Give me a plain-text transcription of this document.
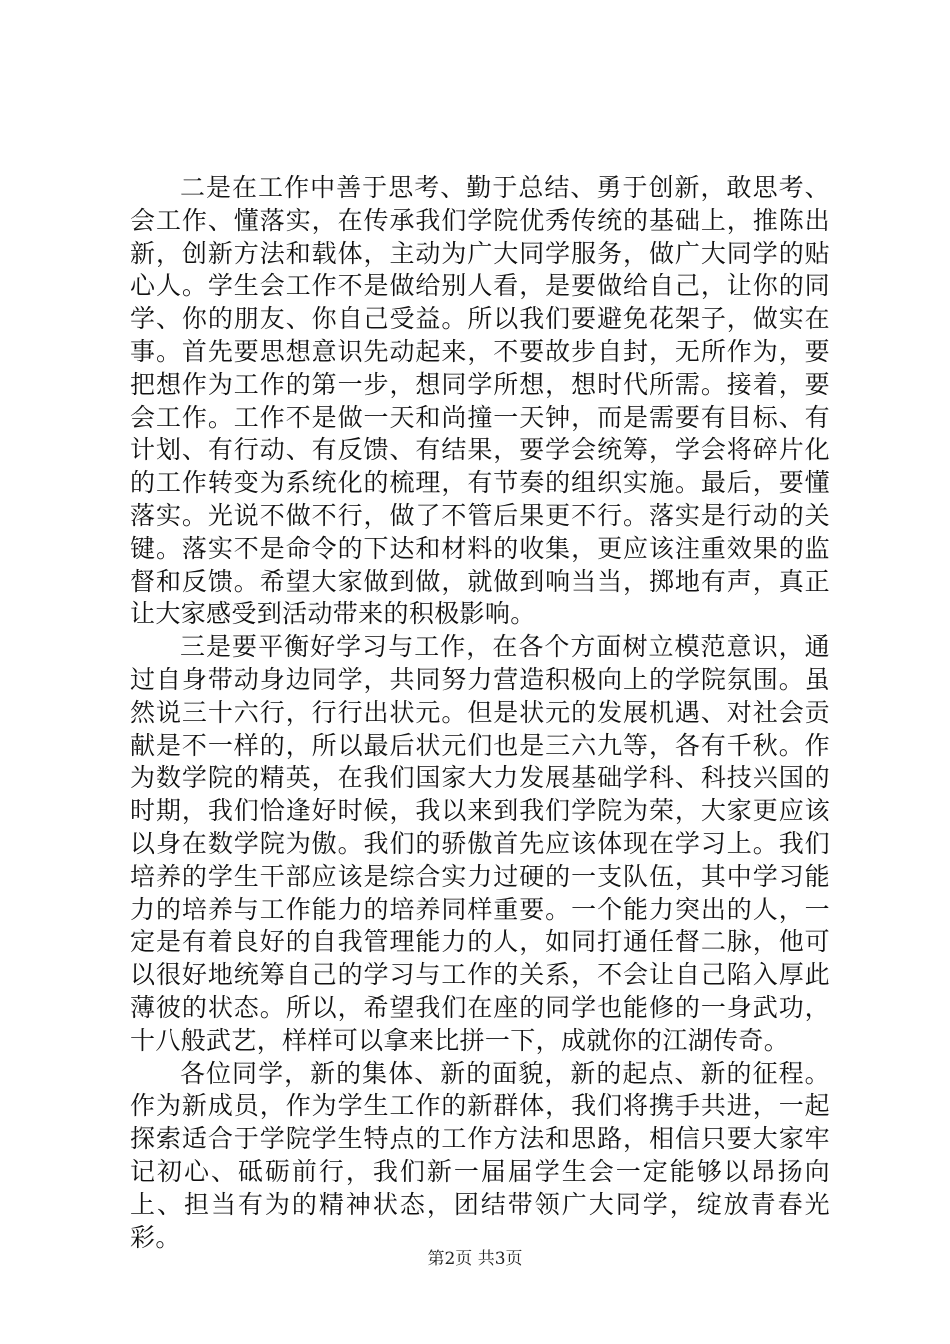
二是在工作中善于思考、勤于总结、勇于创新，敢思考、会工作、懂落实，在传承我们学院优秀传统的基础上，推陈出新，创新方法和载体，主动为广大同学服务，做广大同学的贴心人。学生会工作不是做给别人看，是要做给自己，让你的同学、你的朋友、你自己受益。所以我们要避免花架子，做实在事。首先要思想意识先动起来，不要故步自封，无所作为，要把想作为工作的第一步，想同学所想，想时代所需。接着，要会工作。工作不是做一天和尚撞一天钟，而是需要有目标、有计划、有行动、有反馈、有结果，要学会统筹，学会将碎片化的工作转变为系统化的梳理，有节奏的组织实施。最后，要懂落实。光说不做不行，做了不管后果更不行。落实是行动的关键。落实不是命令的下达和材料的收集，更应该注重效果的监督和反馈。希望大家做到做，就做到响当当，掷地有声，真正让大家感受到活动带来的积极影响。

三是要平衡好学习与工作，在各个方面树立模范意识，通过自身带动身边同学，共同努力营造积极向上的学院氛围。虽然说三十六行，行行出状元。但是状元的发展机遇、对社会贡献是不一样的，所以最后状元们也是三六九等，各有千秋。作为数学院的精英，在我们国家大力发展基础学科、科技兴国的时期，我们恰逢好时候，我以来到我们学院为荣，大家更应该以身在数学院为傲。我们的骄傲首先应该体现在学习上。我们培养的学生干部应该是综合实力过硬的一支队伍，其中学习能力的培养与工作能力的培养同样重要。一个能力突出的人，一定是有着良好的自我管理能力的人，如同打通任督二脉，他可以很好地统筹自己的学习与工作的关系，不会让自己陷入厚此薄彼的状态。所以，希望我们在座的同学也能修的一身武功，十八般武艺，样样可以拿来比拼一下，成就你的江湖传奇。

各位同学，新的集体、新的面貌，新的起点、新的征程。作为新成员，作为学生工作的新群体，我们将携手共进，一起探索适合于学院学生特点的工作方法和思路，相信只要大家牢记初心、砥砺前行，我们新一届届学生会一定能够以昂扬向上、担当有为的精神状态，团结带领广大同学，绽放青春光彩。

第2页 共3页
